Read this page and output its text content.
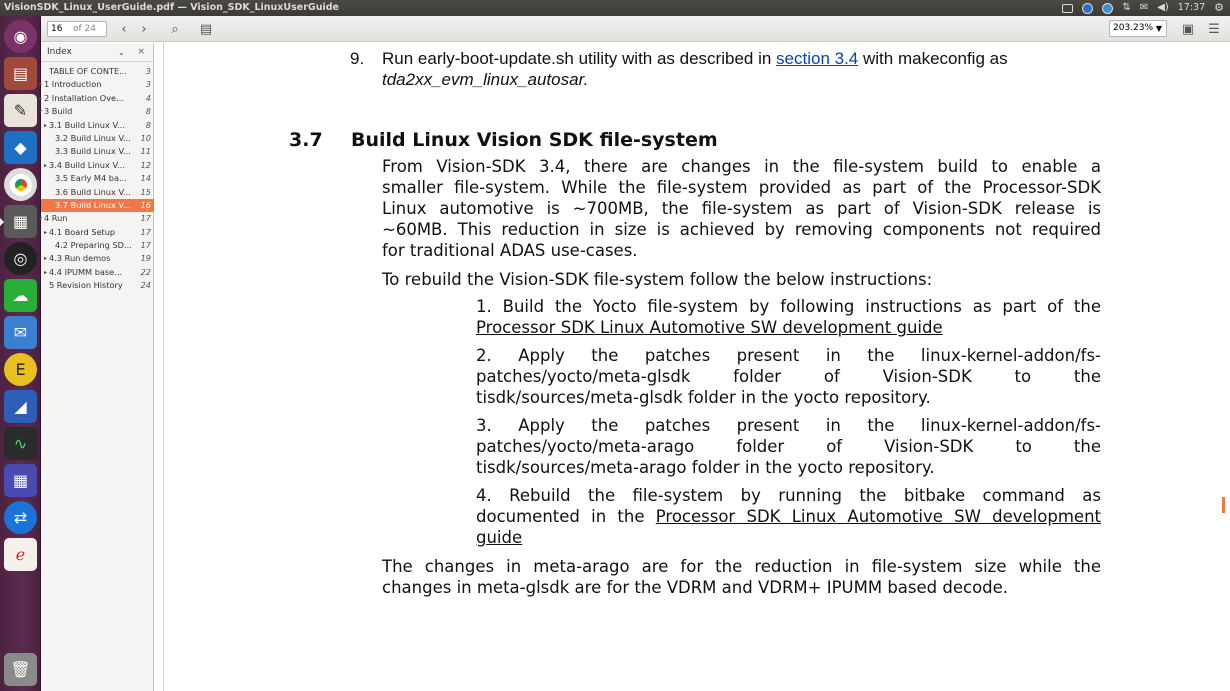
VisionSDK_Linux_UserGuide.pdf — Vision_SDK_LinuxUserGuide	⇅ ✉ ◀) 17:37 ⚙
◉
▤
✎
◆
▦
◎
☁
✉
E
◢
∿
▦
⇄
ℯ
🗑
16	of 24	‹	›	⌕	▤	203.23% ▼ ▣	☰
Index	⌄ ×
TABLE OF CONTE...	3
▸ 1 Introduction	3
▸ 2 Installation Ove...	4
▾ 3 Build	8
▸ 3.1 Build Linux V...	8
3.2 Build Linux V... 10
3.3 Build Linux V... 11
▸ 3.4 Build Linux V...	12
3.5 Early M4 ba...	14
3.6 Build Linux V... 15
3.7 Build Linux V... 16
▾ 4 Run	17
▸ 4.1 Board Setup	17
4.2 Preparing SD... 17
▸ 4.3 Run demos	19
▸ 4.4 IPUMM base...	22
5 Revision History	24
9. Run early-boot-update.sh utility with as described in section 3.4 with makeconfig as
tda2xx_evm_linux_autosar.
3.7 Build Linux Vision SDK file-system
From Vision-SDK 3.4, there are changes in the file-system build to enable a
smaller file-system. While the file-system provided as part of the Processor-SDK
Linux automotive is ~700MB, the file-system as part of Vision-SDK release is
~60MB. This reduction in size is achieved by removing components not required
for traditional ADAS use-cases.
To rebuild the Vision-SDK file-system follow the below instructions:
1. Build the Yocto file-system by following instructions as part of the
Processor SDK Linux Automotive SW development guide
2. Apply the patches present in the linux-kernel-addon/fs-
patches/yocto/meta-glsdk folder of Vision-SDK to the
tisdk/sources/meta-glsdk folder in the yocto repository.
3. Apply the patches present in the linux-kernel-addon/fs-
patches/yocto/meta-arago folder of Vision-SDK to the
tisdk/sources/meta-arago folder in the yocto repository.
4. Rebuild the file-system by running the bitbake command as
documented in the Processor SDK Linux Automotive SW development
guide
The changes in meta-arago are for the reduction in file-system size while the
changes in meta-glsdk are for the VDRM and VDRM+ IPUMM based decode.
